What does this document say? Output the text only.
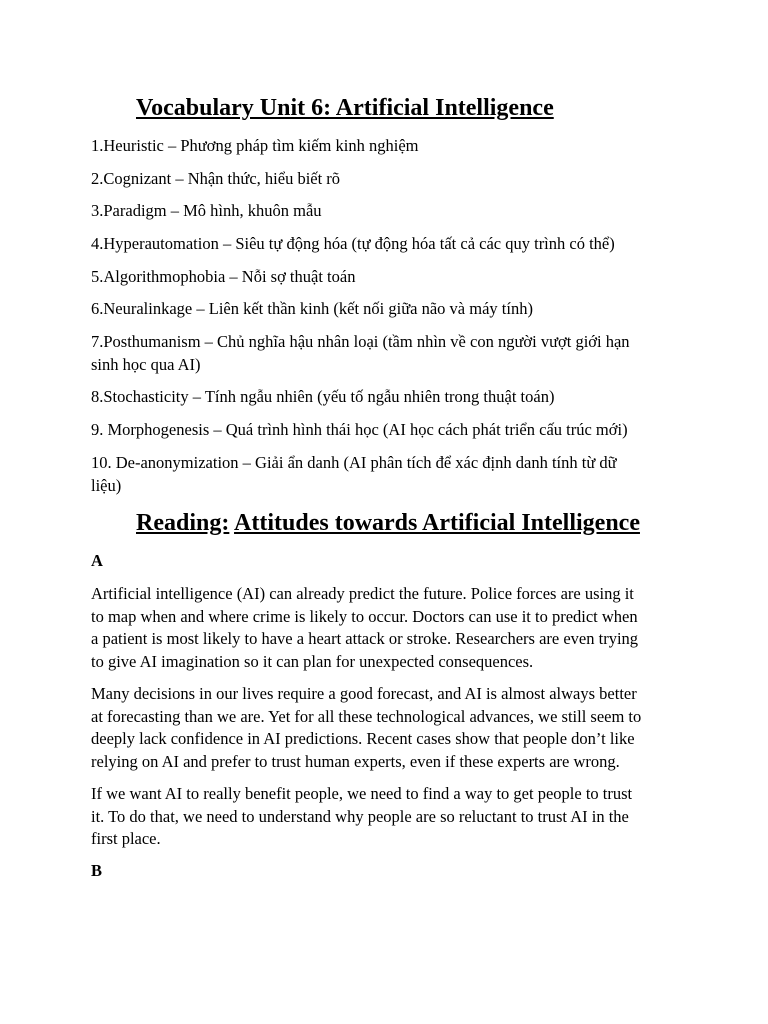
Vocabulary Unit 6: Artificial Intelligence
1.Heuristic – Phương pháp tìm kiếm kinh nghiệm
2.Cognizant – Nhận thức, hiểu biết rõ
3.Paradigm – Mô hình, khuôn mẫu
4.Hyperautomation – Siêu tự động hóa (tự động hóa tất cả các quy trình có thể)
5.Algorithmophobia – Nỗi sợ thuật toán
6.Neuralinkage – Liên kết thần kinh (kết nối giữa não và máy tính)
7.Posthumanism – Chủ nghĩa hậu nhân loại (tầm nhìn về con người vượt giới hạn
sinh học qua AI)
8.Stochasticity – Tính ngẫu nhiên (yếu tố ngẫu nhiên trong thuật toán)
9. Morphogenesis – Quá trình hình thái học (AI học cách phát triển cấu trúc mới)
10. De-anonymization – Giải ẩn danh (AI phân tích để xác định danh tính từ dữ
liệu)
Reading: Attitudes towards Artificial Intelligence
A
Artificial intelligence (AI) can already predict the future. Police forces are using it
to map when and where crime is likely to occur. Doctors can use it to predict when
a patient is most likely to have a heart attack or stroke. Researchers are even trying
to give AI imagination so it can plan for unexpected consequences.
Many decisions in our lives require a good forecast, and AI is almost always better
at forecasting than we are. Yet for all these technological advances, we still seem to
deeply lack confidence in AI predictions. Recent cases show that people don’t like
relying on AI and prefer to trust human experts, even if these experts are wrong.
If we want AI to really benefit people, we need to find a way to get people to trust
it. To do that, we need to understand why people are so reluctant to trust AI in the
first place.
B
